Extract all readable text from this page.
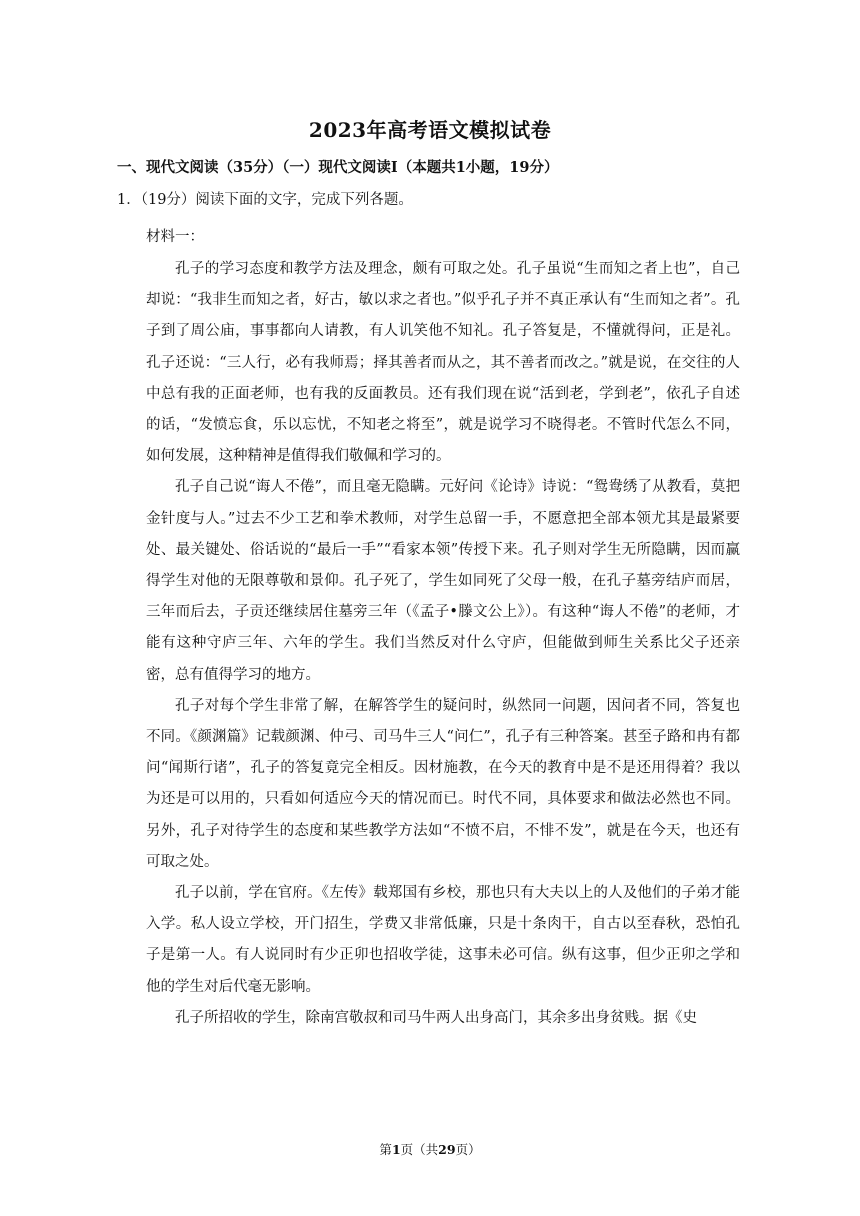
2023年高考语文模拟试卷
一、现代文阅读（35分）（一）现代文阅读Ⅰ（本题共1小题，19分）
1．（19分）阅读下面的文字，完成下列各题。
材料一：

孔子的学习态度和教学方法及理念，颇有可取之处。孔子虽说“生而知之者上也”，自己却说：“我非生而知之者，好古，敏以求之者也。”似乎孔子并不真正承认有“生而知之者”。孔子到了周公庙，事事都向人请教，有人讥笑他不知礼。孔子答复是，不懂就得问，正是礼。孔子还说：“三人行，必有我师焉；择其善者而从之，其不善者而改之。”就是说，在交往的人中总有我的正面老师，也有我的反面教员。还有我们现在说“活到老，学到老”，依孔子自述的话，“发愤忘食，乐以忘忧，不知老之将至”，就是说学习不晓得老。不管时代怎么不同，如何发展，这种精神是值得我们敬佩和学习的。

孔子自己说“诲人不倦”，而且毫无隐瞒。元好问《论诗》诗说：“鸳鸯绣了从教看，莫把金针度与人。”过去不少工艺和拳术教师，对学生总留一手，不愿意把全部本领尤其是最紧要处、最关键处、俗话说的“最后一手”“看家本领”传授下来。孔子则对学生无所隐瞒，因而赢得学生对他的无限尊敬和景仰。孔子死了，学生如同死了父母一般，在孔子墓旁结庐而居，三年而后去，子贡还继续居住墓旁三年（《孟子•滕文公上》）。有这种“诲人不倦”的老师，才能有这种守庐三年、六年的学生。我们当然反对什么守庐，但能做到师生关系比父子还亲密，总有值得学习的地方。

孔子对每个学生非常了解，在解答学生的疑问时，纵然同一问题，因问者不同，答复也不同。《颜渊篇》记载颜渊、仲弓、司马牛三人“问仁”，孔子有三种答案。甚至子路和冉有都问“闻斯行诸”，孔子的答复竟完全相反。因材施教，在今天的教育中是不是还用得着？我以为还是可以用的，只看如何适应今天的情况而已。时代不同，具体要求和做法必然也不同。另外，孔子对待学生的态度和某些教学方法如“不愤不启，不悱不发”，就是在今天，也还有可取之处。

孔子以前，学在官府。《左传》载郑国有乡校，那也只有大夫以上的人及他们的子弟才能入学。私人设立学校，开门招生，学费又非常低廉，只是十条肉干，自古以至春秋，恐怕孔子是第一人。有人说同时有少正卯也招收学徒，这事未必可信。纵有这事，但少正卯之学和他的学生对后代毫无影响。

孔子所招收的学生，除南宫敬叔和司马牛两人出身高门，其余多出身贫贱。据《史

第1页（共29页）
